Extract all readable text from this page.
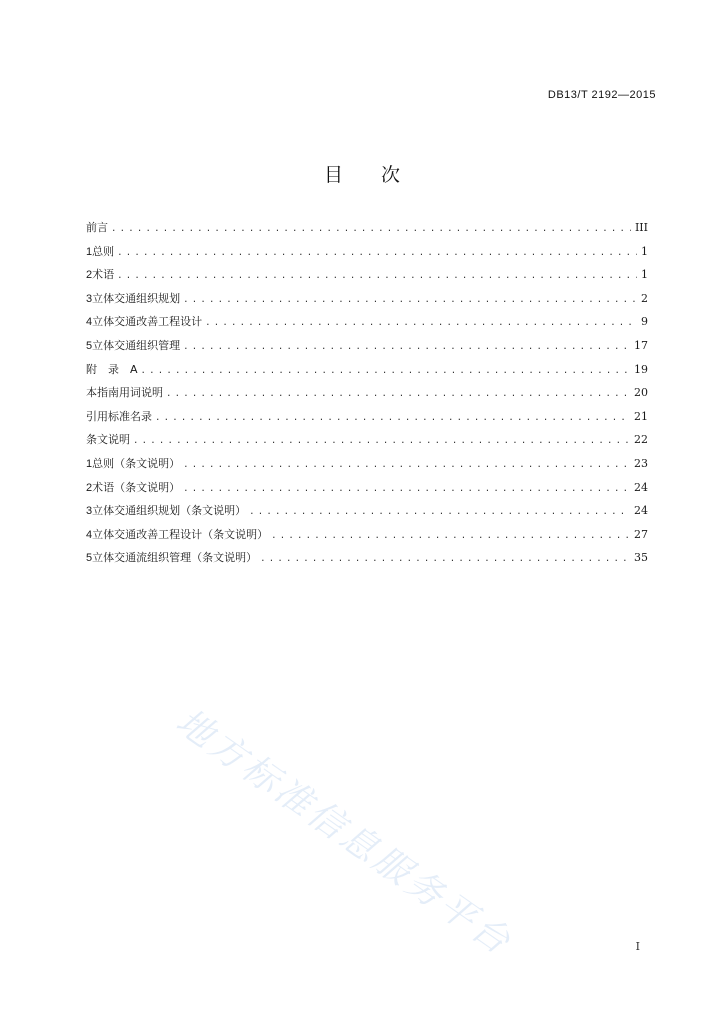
DB13/T 2192—2015
目次
前言 .....	III
1 总则 .....	1
2 术语 .....	1
3 立体交通组织规划 .....	2
4 立体交通改善工程设计 .....	9
5 立体交通组织管理 .....	17
附　录　A .....	19
本指南用词说明 .....	20
引用标准名录 .....	21
条文说明 .....	22
1 总则（条文说明） .....	23
2 术语（条文说明） .....	24
3 立体交通组织规划（条文说明） .....	24
4 立体交通改善工程设计（条文说明） .....	27
5 立体交通流组织管理（条文说明） .....	35
地方标准信息服务平台	I
